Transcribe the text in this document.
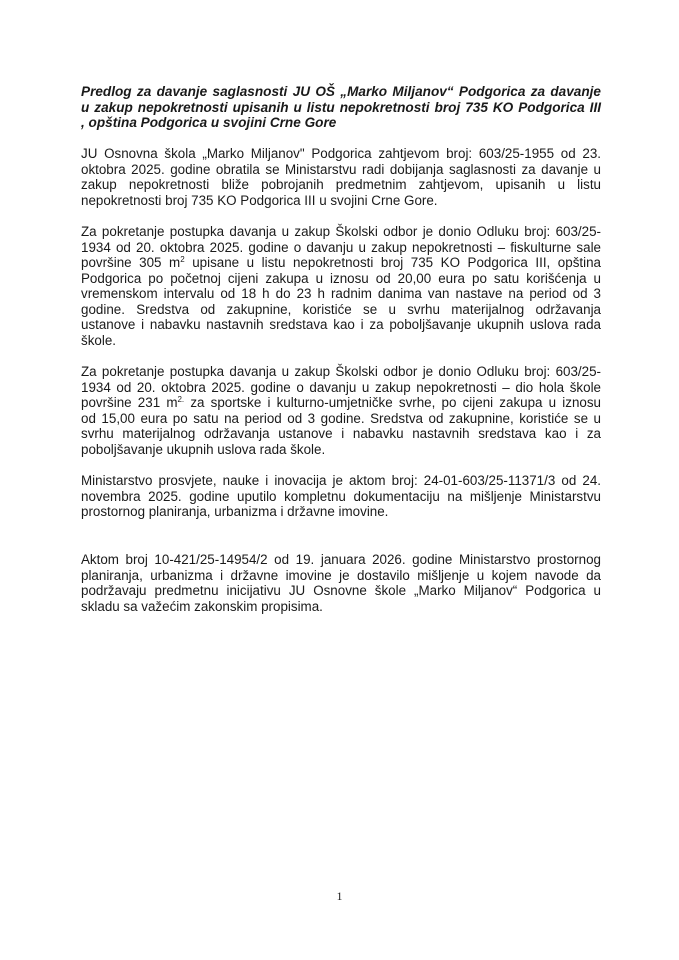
Predlog za davanje saglasnosti JU OŠ „Marko Miljanov“ Podgorica za davanje
u zakup nepokretnosti upisanih u listu nepokretnosti broj 735 KO Podgorica III
, opština Podgorica u svojini Crne Gore
JU Osnovna škola „Marko Miljanov" Podgorica zahtjevom broj: 603/25-1955 od 23.
oktobra 2025. godine obratila se Ministarstvu radi dobijanja saglasnosti za davanje u
zakup nepokretnosti bliže pobrojanih predmetnim zahtjevom, upisanih u listu
nepokretnosti broj 735 KO Podgorica III u svojini Crne Gore.
Za pokretanje postupka davanja u zakup Školski odbor je donio Odluku broj: 603/25-
1934 od 20. oktobra 2025. godine o davanju u zakup nepokretnosti – fiskulturne sale
površine 305 $m^2$ upisane u listu nepokretnosti broj 735 KO Podgorica III, opština
Podgorica po početnoj cijeni zakupa u iznosu od 20,00 eura po satu korišćenja u
vremenskom intervalu od 18 h do 23 h radnim danima van nastave na period od 3
godine. Sredstva od zakupnine, koristiće se u svrhu materijalnog održavanja
ustanove i nabavku nastavnih sredstava kao i za poboljšavanje ukupnih uslova rada
škole.
Za pokretanje postupka davanja u zakup Školski odbor je donio Odluku broj: 603/25-
1934 od 20. oktobra 2025. godine o davanju u zakup nepokretnosti – dio hola škole
površine 231 $m^{2.}$ za sportske i kulturno-umjetničke svrhe, po cijeni zakupa u iznosu
od 15,00 eura po satu na period od 3 godine. Sredstva od zakupnine, koristiće se u
svrhu materijalnog održavanja ustanove i nabavku nastavnih sredstava kao i za
poboljšavanje ukupnih uslova rada škole.
Ministarstvo prosvjete, nauke i inovacija je aktom broj: 24-01-603/25-11371/3 od 24.
novembra 2025. godine uputilo kompletnu dokumentaciju na mišljenje Ministarstvu
prostornog planiranja, urbanizma i državne imovine.
Aktom broj 10-421/25-14954/2 od 19. januara 2026. godine Ministarstvo prostornog
planiranja, urbanizma i državne imovine je dostavilo mišljenje u kojem navode da
podržavaju predmetnu inicijativu JU Osnovne škole „Marko Miljanov“ Podgorica u
skladu sa važećim zakonskim propisima.
1
